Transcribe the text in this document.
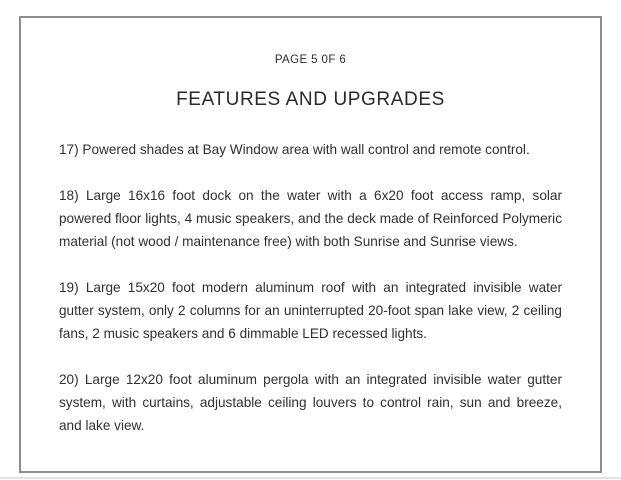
PAGE 5 0F 6

FEATURES AND UPGRADES

17) Powered shades at Bay Window area with wall control and remote control.

18) Large 16x16 foot dock on the water with a 6x20 foot access ramp, solar powered floor lights, 4 music speakers, and the deck made of Reinforced Polymeric material (not wood / maintenance free) with both Sunrise and Sunrise views.

19) Large 15x20 foot modern aluminum roof with an integrated invisible water gutter system, only 2 columns for an uninterrupted 20-foot span lake view, 2 ceiling fans, 2 music speakers and 6 dimmable LED recessed lights.

20) Large 12x20 foot aluminum pergola with an integrated invisible water gutter system, with curtains, adjustable ceiling louvers to control rain, sun and breeze, and lake view.
